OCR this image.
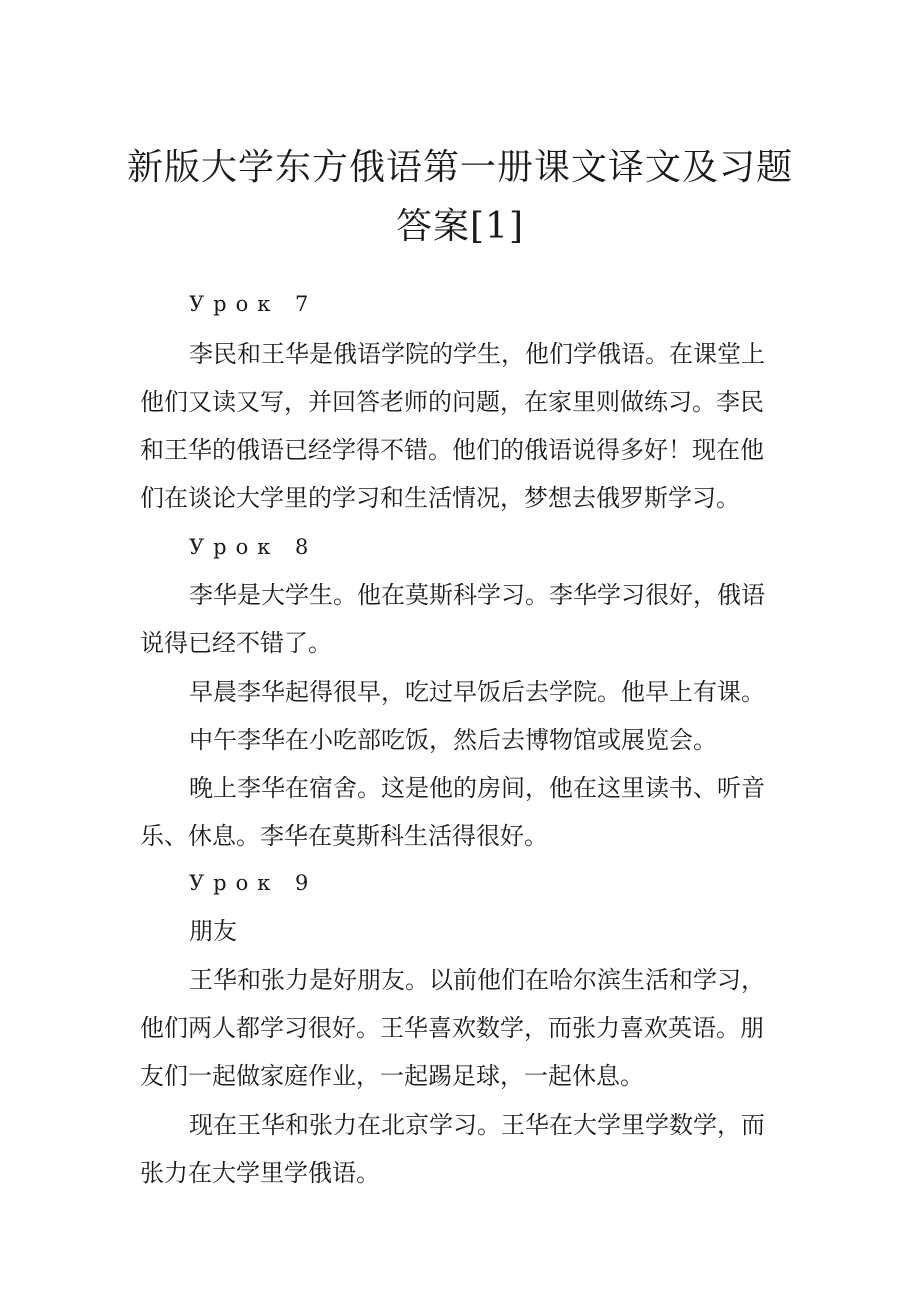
新版大学东方俄语第一册课文译文及习题
答案[1]

Урок 7

李民和王华是俄语学院的学生，他们学俄语。在课堂上

他们又读又写，并回答老师的问题，在家里则做练习。李民

和王华的俄语已经学得不错。他们的俄语说得多好！现在他

们在谈论大学里的学习和生活情况，梦想去俄罗斯学习。

Урок 8

李华是大学生。他在莫斯科学习。李华学习很好，俄语

说得已经不错了。

早晨李华起得很早，吃过早饭后去学院。他早上有课。

中午李华在小吃部吃饭，然后去博物馆或展览会。

晚上李华在宿舍。这是他的房间，他在这里读书、听音

乐、休息。李华在莫斯科生活得很好。

Урок 9

朋友

王华和张力是好朋友。以前他们在哈尔滨生活和学习，

他们两人都学习很好。王华喜欢数学，而张力喜欢英语。朋

友们一起做家庭作业，一起踢足球，一起休息。

现在王华和张力在北京学习。王华在大学里学数学，而

张力在大学里学俄语。
